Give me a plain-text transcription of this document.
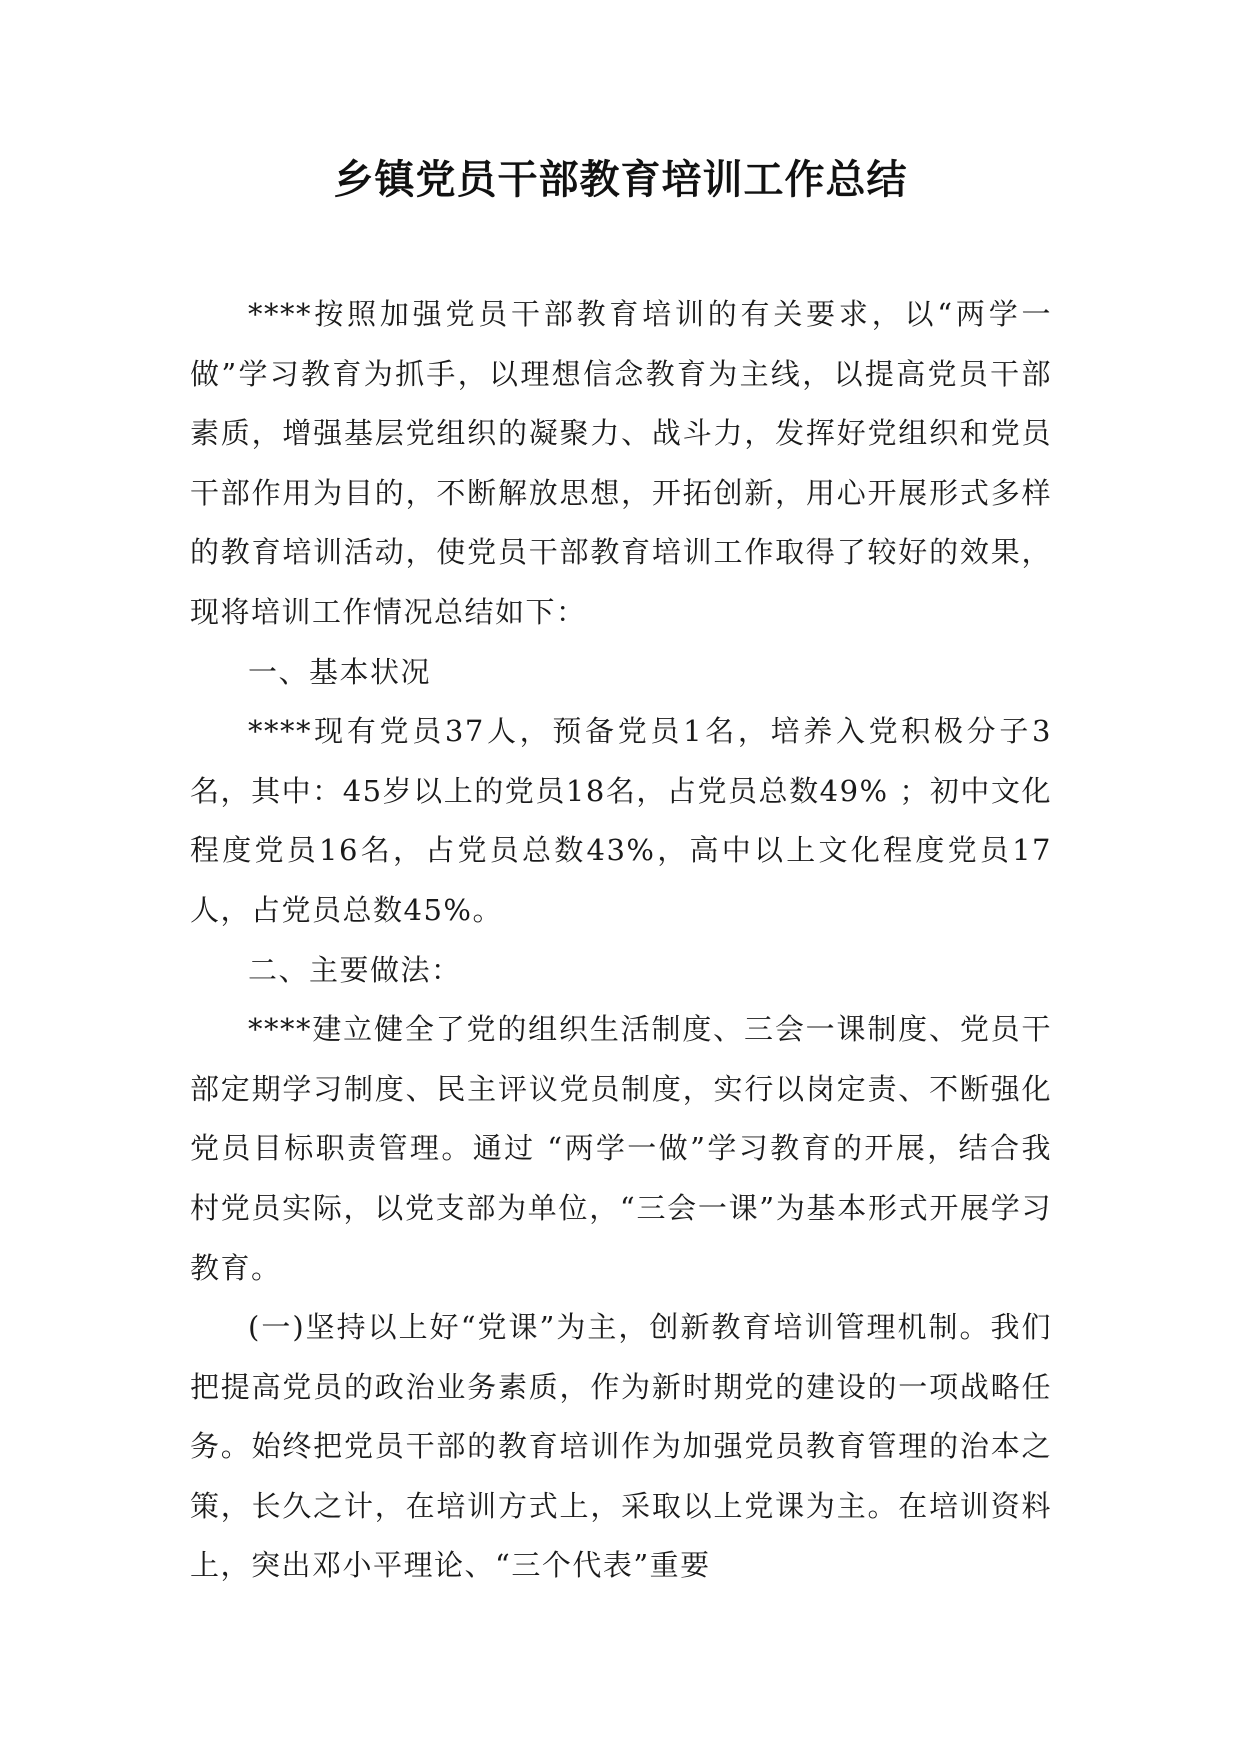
乡镇党员干部教育培训工作总结

****按照加强党员干部教育培训的有关要求，以“两学一做”学习教育为抓手，以理想信念教育为主线，以提高党员干部素质，增强基层党组织的凝聚力、战斗力，发挥好党组织和党员干部作用为目的，不断解放思想，开拓创新，用心开展形式多样的教育培训活动，使党员干部教育培训工作取得了较好的效果，现将培训工作情况总结如下：

一、基本状况

****现有党员37人，预备党员1名，培养入党积极分子3名，其中：45岁以上的党员18名，占党员总数49% ；初中文化程度党员16名，占党员总数43%，高中以上文化程度党员17人，占党员总数45%。

二、主要做法：

****建立健全了党的组织生活制度、三会一课制度、党员干部定期学习制度、民主评议党员制度，实行以岗定责、不断强化党员目标职责管理。通过 “两学一做”学习教育的开展，结合我村党员实际，以党支部为单位，“三会一课”为基本形式开展学习教育。

(一)坚持以上好“党课”为主，创新教育培训管理机制。我们把提高党员的政治业务素质，作为新时期党的建设的一项战略任务。始终把党员干部的教育培训作为加强党员教育管理的治本之策，长久之计，在培训方式上，采取以上党课为主。在培训资料上，突出邓小平理论、“三个代表”重要
